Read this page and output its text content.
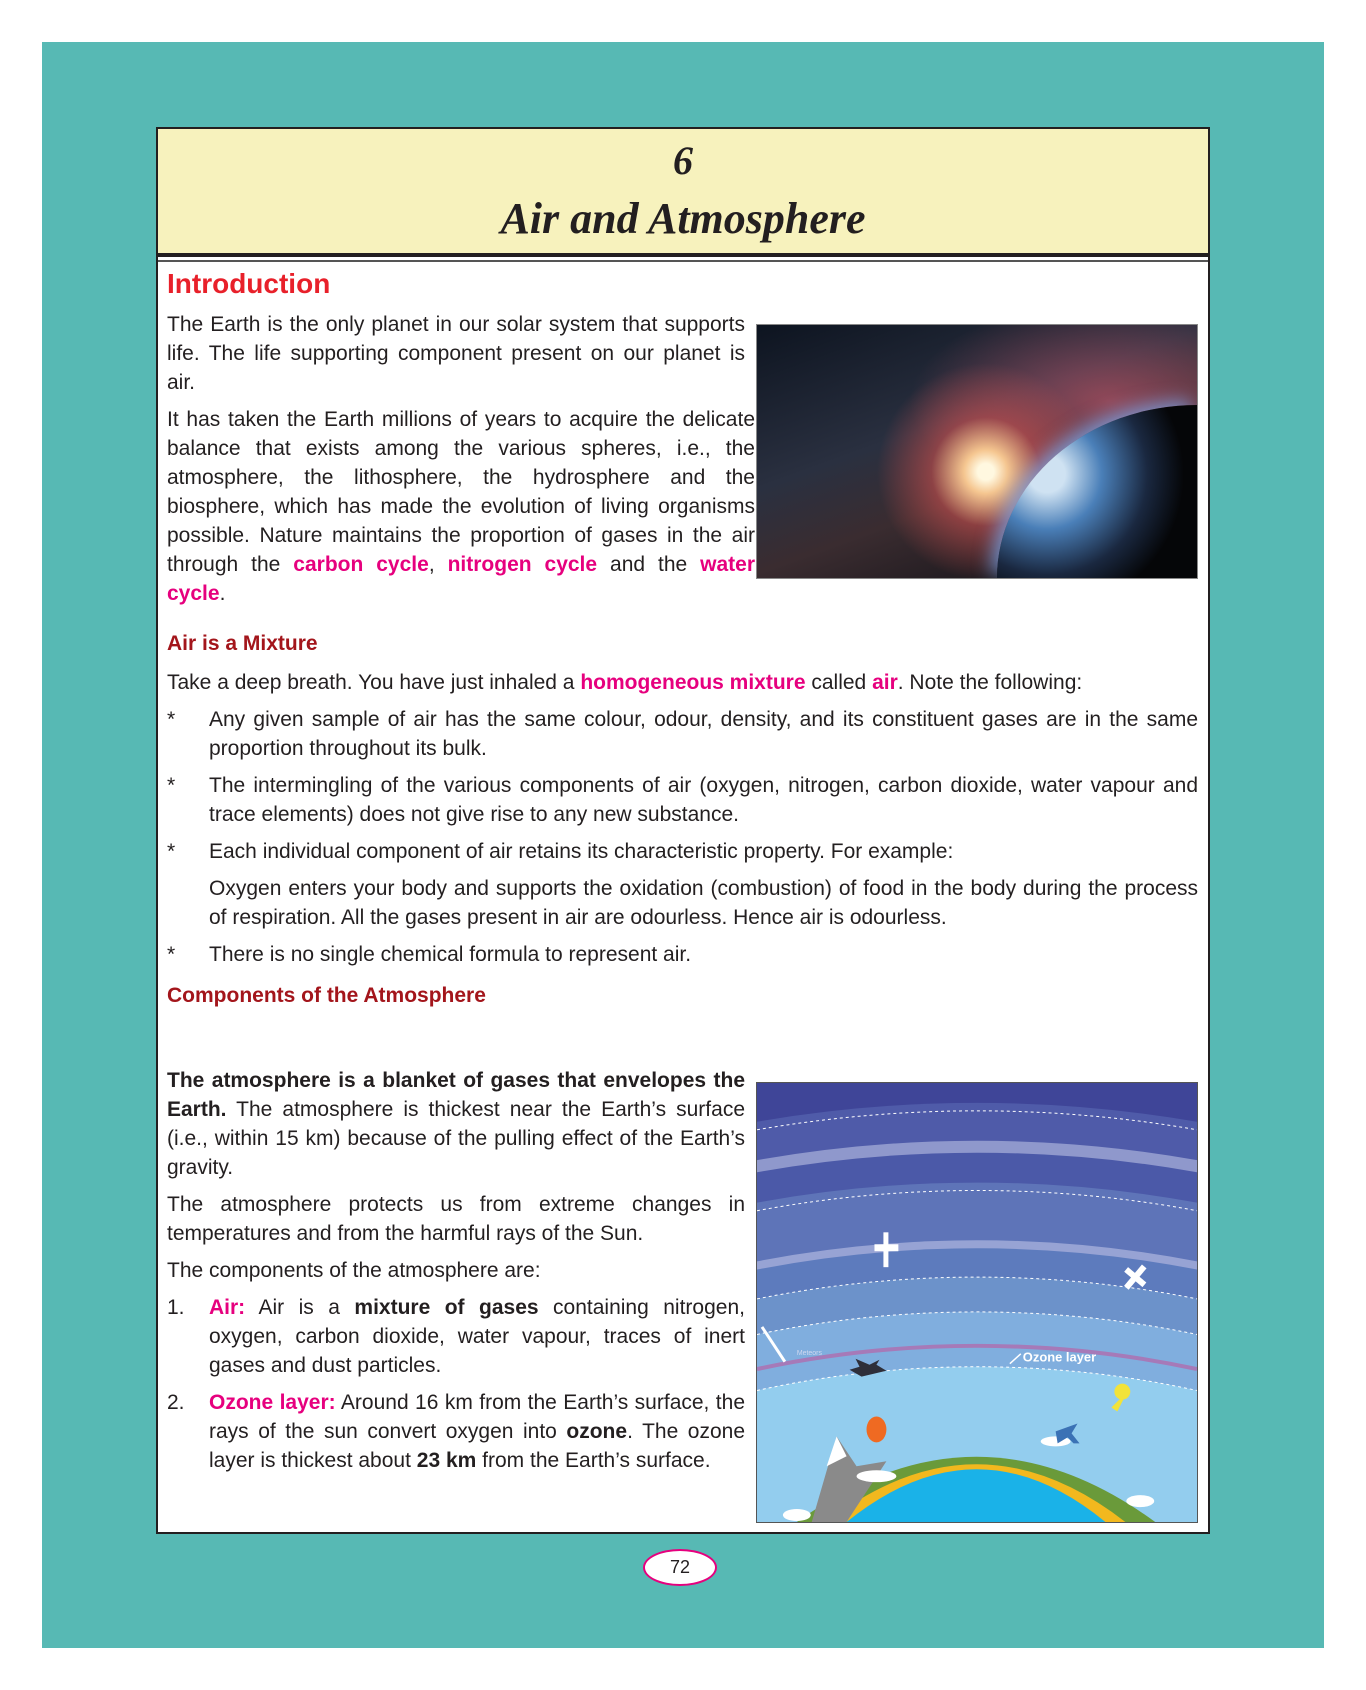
6
Air and Atmosphere
Introduction

The Earth is the only planet in our solar system that supports life. The life supporting component present on our planet is air.

It has taken the Earth millions of years to acquire the delicate balance that exists among the various spheres, i.e., the atmosphere, the lithosphere, the hydrosphere and the biosphere, which has made the evolution of living organisms possible. Nature maintains the proportion of gases in the air through the carbon cycle, nitrogen cycle and the water cycle.

Air is a Mixture

Take a deep breath. You have just inhaled a homogeneous mixture called air. Note the following:

* Any given sample of air has the same colour, odour, density, and its constituent gases are in the same proportion throughout its bulk.
* The intermingling of the various components of air (oxygen, nitrogen, carbon dioxide, water vapour and trace elements) does not give rise to any new substance.
* Each individual component of air retains its characteristic property. For example:
Oxygen enters your body and supports the oxidation (combustion) of food in the body during the process of respiration. All the gases present in air are odourless. Hence air is odourless.
* There is no single chemical formula to represent air.
Components of the Atmosphere

The atmosphere is a blanket of gases that envelopes the Earth. The atmosphere is thickest near the Earth’s surface (i.e., within 15 km) because of the pulling effect of the Earth’s gravity.

The atmosphere protects us from extreme changes in temperatures and from the harmful rays of the Sun.

The components of the atmosphere are:

1. Air: Air is a mixture of gases containing nitrogen, oxygen, carbon dioxide, water vapour, traces of inert gases and dust particles.
2. Ozone layer: Around 16 km from the Earth’s surface, the rays of the sun convert oxygen into ozone. The ozone layer is thickest about 23 km from the Earth’s surface.
Meteors	Ozone layer
72
